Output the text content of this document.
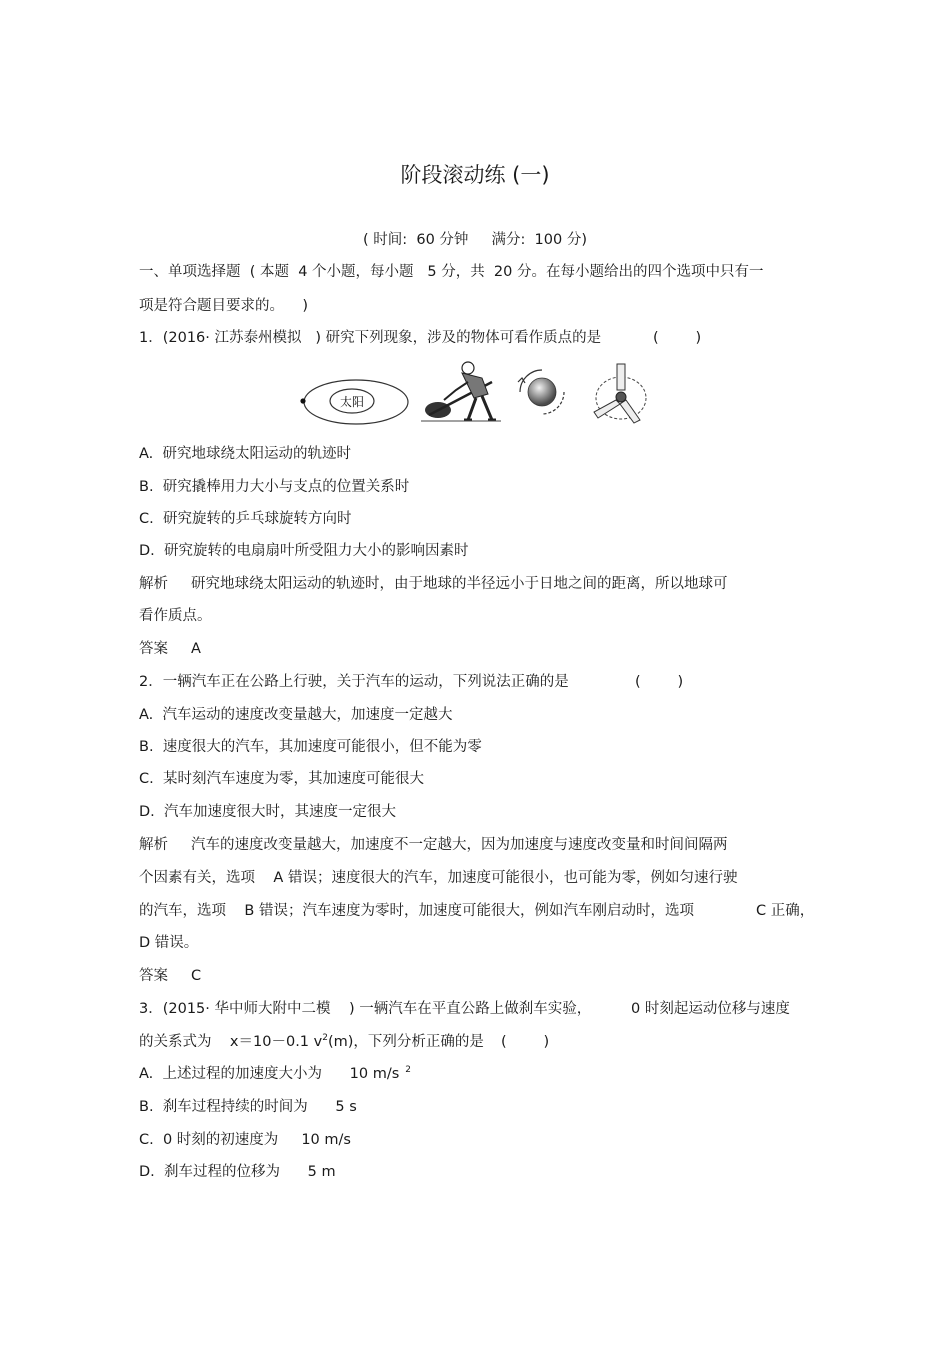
阶段滚动练 (一)
( 时间:  60 分钟     满分:  100 分)
一、单项选择题  ( 本题  4 个小题，每小题   5 分，共  20 分。在每小题给出的四个选项中只有一
项是符合题目要求的。    )
1．(2016· 江苏泰州模拟   ) 研究下列现象，涉及的物体可看作质点的是	(        )
太阳
A.  研究地球绕太阳运动的轨迹时
B.  研究撬棒用力大小与支点的位置关系时
C.  研究旋转的乒乓球旋转方向时
D.  研究旋转的电扇扇叶所受阻力大小的影响因素时
解析     研究地球绕太阳运动的轨迹时，由于地球的半径远小于日地之间的距离，所以地球可
看作质点。
答案     A
2．一辆汽车正在公路上行驶，关于汽车的运动，下列说法正确的是	(        )
A.  汽车运动的速度改变量越大，加速度一定越大
B.  速度很大的汽车，其加速度可能很小，但不能为零
C.  某时刻汽车速度为零，其加速度可能很大
D.  汽车加速度很大时，其速度一定很大
解析     汽车的速度改变量越大，加速度不一定越大，因为加速度与速度改变量和时间间隔两
个因素有关，选项    A 错误；速度很大的汽车，加速度可能很小，也可能为零，例如匀速行驶
的汽车，选项    B 错误；汽车速度为零时，加速度可能很大，例如汽车刚启动时，选项	C 正确，
D 错误。
答案     C
3．(2015· 华中师大附中二模    ) 一辆汽车在平直公路上做刹车实验，	0 时刻起运动位移与速度
的关系式为    x＝10－0.1 $v^2(m)$，下列分析正确的是 (        )
A.  上述过程的加速度大小为      10 m/s $^2$
B.  刹车过程持续的时间为      5 s
C.  0 时刻的初速度为     10 m/s
D.  刹车过程的位移为      5 m
